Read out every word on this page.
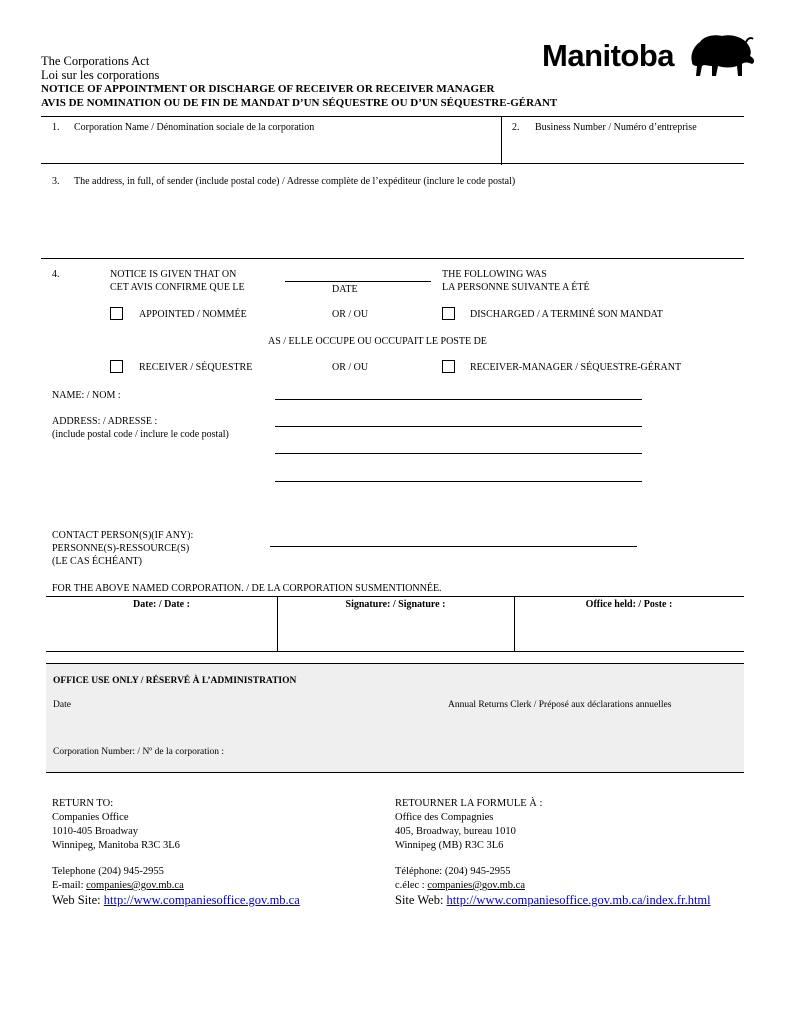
The Corporations Act
Loi sur les corporations
NOTICE OF APPOINTMENT OR DISCHARGE OF RECEIVER OR RECEIVER MANAGER
AVIS DE NOMINATION OU DE FIN DE MANDAT D’UN SÉQUESTRE OU D’UN SÉQUESTRE-GÉRANT
Manitoba
1. Corporation Name / Dénomination sociale de la corporation	2. Business Number / Numéro d’entreprise
3. The address, in full, of sender (include postal code) / Adresse complète de l’expéditeur (inclure le code postal)
4.	NOTICE IS GIVEN THAT ON
CET AVIS CONFIRME QUE LE	DATE
THE FOLLOWING WAS
LA PERSONNE SUIVANTE A ÉTÉ
APPOINTED / NOMMÉE	OR / OU	DISCHARGED / A TERMINÉ SON MANDAT
AS / ELLE OCCUPE OU OCCUPAIT LE POSTE DE
RECEIVER / SÉQUESTRE	OR / OU	RECEIVER-MANAGER / SÉQUESTRE-GÉRANT
NAME: / NOM :
ADDRESS: / ADRESSE :
(include postal code / inclure le code postal)
CONTACT PERSON(S)(IF ANY):
PERSONNE(S)-RESSOURCE(S)
(LE CAS ÉCHÉANT)
FOR THE ABOVE NAMED CORPORATION. / DE LA CORPORATION SUSMENTIONNÉE.
Date: / Date :	Signature: / Signature :	Office held: / Poste :
OFFICE USE ONLY / RÉSERVÉ À L’ADMINISTRATION
Date	Annual Returns Clerk / Préposé aux déclarations annuelles
Corporation Number: / Nº de la corporation :
RETURN TO:
Companies Office
1010-405 Broadway
Winnipeg, Manitoba R3C 3L6
Telephone (204) 945-2955
E-mail: companies@gov.mb.ca
Web Site: http://www.companiesoffice.gov.mb.ca
RETOURNER LA FORMULE À :
Office des Compagnies
405, Broadway, bureau 1010
Winnipeg (MB) R3C 3L6
Téléphone: (204) 945-2955
c.élec : companies@gov.mb.ca
Site Web: http://www.companiesoffice.gov.mb.ca/index.fr.html
